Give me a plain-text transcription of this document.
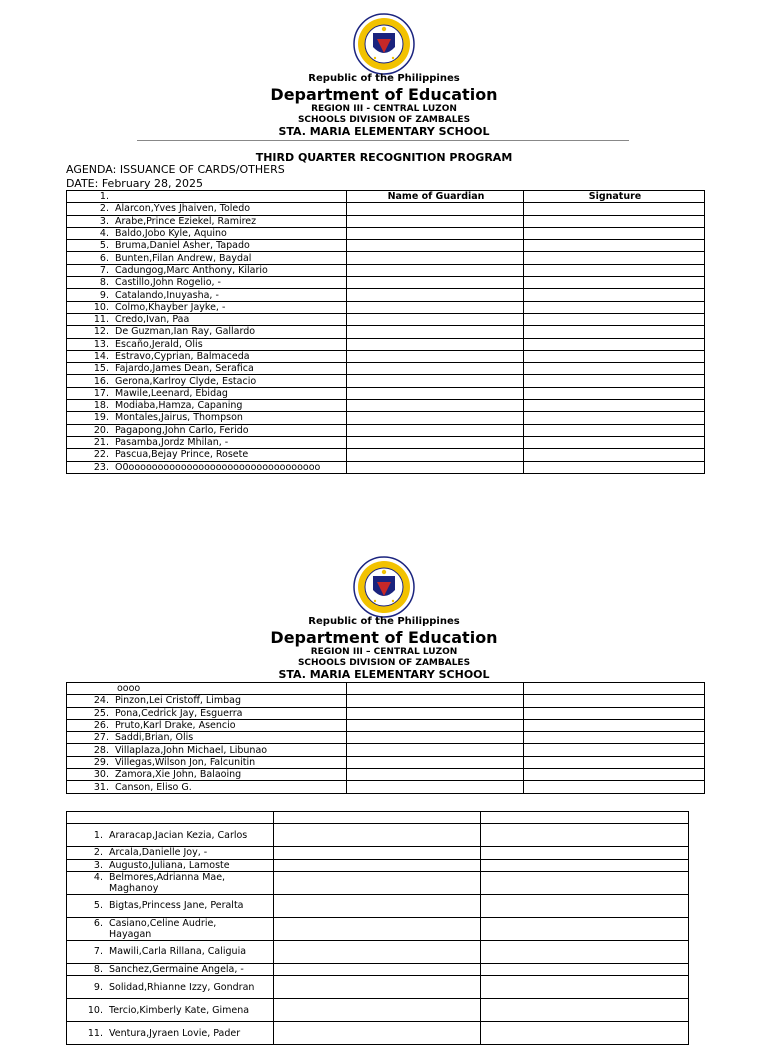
Republic of the Philippines
Department of Education
REGION III - CENTRAL LUZON
SCHOOLS DIVISION OF ZAMBALES
STA. MARIA ELEMENTARY SCHOOL
THIRD QUARTER RECOGNITION PROGRAM
AGENDA: ISSUANCE OF CARDS/OTHERS
DATE: February 28, 2025
1.	Name of Guardian	Signature
2. Alarcon,Yves Jhaiven, Toledo		
3. Arabe,Prince Eziekel, Ramirez		
4. Baldo,Jobo Kyle, Aquino		
5. Bruma,Daniel Asher, Tapado		
6. Bunten,Filan Andrew, Baydal		
7. Cadungog,Marc Anthony, Kilario		
8. Castillo,John Rogelio, -		
9. Catalando,Inuyasha, -		
10. Colmo,Khayber Jayke, -		
11. Credo,Ivan, Paa		
12. De Guzman,Ian Ray, Gallardo		
13. Escaño,Jerald, Olis		
14. Estravo,Cyprian, Balmaceda		
15. Fajardo,James Dean, Serafica		
16. Gerona,Karlroy Clyde, Estacio		
17. Mawile,Leenard, Ebidag		
18. Modiaba,Hamza, Capaning		
19. Montales,Jairus, Thompson		
20. Pagapong,John Carlo, Ferido		
21. Pasamba,Jordz Mhilan, -		
22. Pascua,Bejay Prince, Rosete		
23. O0ooooooooooooooooooooooooooooooooo		
Republic of the Philippines
Department of Education
REGION III – CENTRAL LUZON
SCHOOLS DIVISION OF ZAMBALES
STA. MARIA ELEMENTARY SCHOOL
oooo		
24. Pinzon,Lei Cristoff, Limbag		
25. Pona,Cedrick Jay, Esguerra		
26. Pruto,Karl Drake, Asencio		
27. Saddi,Brian, Olis		
28. Villaplaza,John Michael, Libunao		
29. Villegas,Wilson Jon, Falcunitin		
30. Zamora,Xie John, Balaoing		
31. Canson, Eliso G.		

1. Araracap,Jacian Kezia, Carlos		
2. Arcala,Danielle Joy, -		
3. Augusto,Juliana, Lamoste		
4. Belmores,Adrianna Mae, Maghanoy		
5. Bigtas,Princess Jane, Peralta		
6. Casiano,Celine Audrie, Hayagan		
7. Mawili,Carla Rillana, Caliguia		
8. Sanchez,Germaine Angela, -		
9. Solidad,Rhianne Izzy, Gondran		
10. Tercio,Kimberly Kate, Gimena		
11. Ventura,Jyraen Lovie, Pader		
